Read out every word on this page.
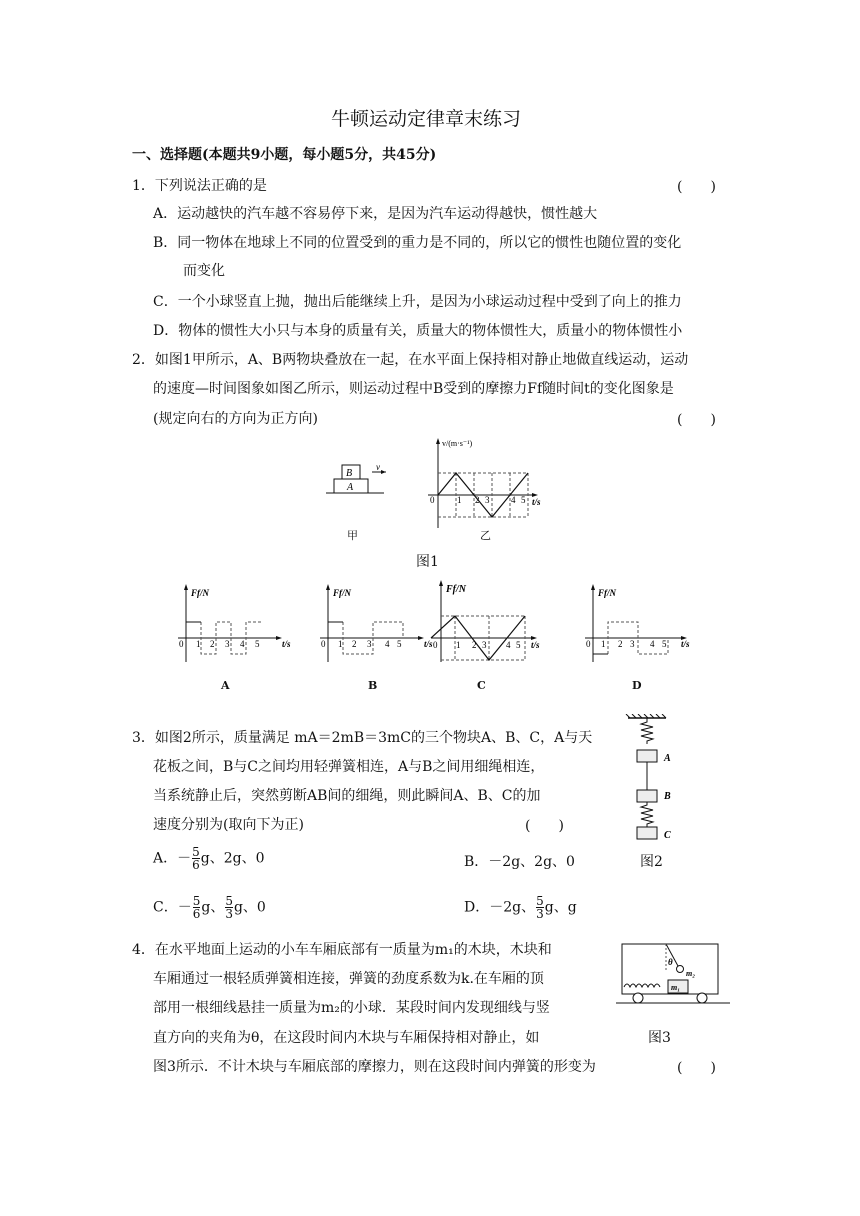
牛顿运动定律章末练习
一、选择题(本题共9小题，每小题5分，共45分)
1．下列说法正确的是	(　　)
A．运动越快的汽车越不容易停下来，是因为汽车运动得越快，惯性越大
B．同一物体在地球上不同的位置受到的重力是不同的，所以它的惯性也随位置的变化
而变化
C．一个小球竖直上抛，抛出后能继续上升，是因为小球运动过程中受到了向上的推力
D．物体的惯性大小只与本身的质量有关，质量大的物体惯性大，质量小的物体惯性小
2．如图1甲所示，A、B两物块叠放在一起，在水平面上保持相对静止地做直线运动，运动
的速度—时间图象如图乙所示，则运动过程中B受到的摩擦力Ff随时间t的变化图象是
(规定向右的方向为正方向)	(　　)
B
A
v
甲
v/(m·s⁻¹)
t/s
0	1 2 3 4 5
乙
图1
Ff/N
t/s
0 1 2 3 4 5
A
Ff/N
t/s
0 1 2 3 4 5
B
Ff/N
t/s
0 1 2 3 4 5
C
Ff/N
t/s
0 1 2 3 4 5
D
3．如图2所示，质量满足 mA＝2mB＝3mC的三个物块A、B、C，A与天
花板之间，B与C之间均用轻弹簧相连，A与B之间用细绳相连，
当系统静止后，突然剪断AB间的细绳，则此瞬间A、B、C的加
速度分别为(取向下为正)	(　　)
A．－ $\frac{5}{6}$ g、2g、0	B．－2g、2g、0
C．－ $\frac{5}{6}$ g、 $\frac{5}{3}$ g、0	D．－2g、 $\frac{5}{3}$ g、g
A
B
C
图2
4．在水平地面上运动的小车车厢底部有一质量为m₁的木块，木块和
车厢通过一根轻质弹簧相连接，弹簧的劲度系数为k.在车厢的顶
部用一根细线悬挂一质量为m₂的小球．某段时间内发现细线与竖
直方向的夹角为θ，在这段时间内木块与车厢保持相对静止，如
图3所示．不计木块与车厢底部的摩擦力，则在这段时间内弹簧的形变为	(　　)
θ
m₂
m₁
图3
